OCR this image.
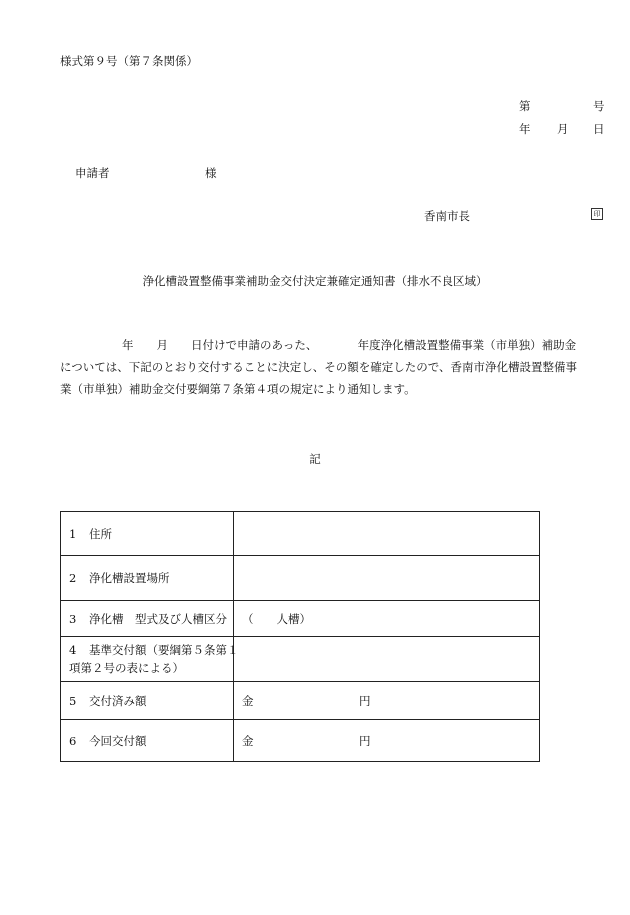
様式第９号（第７条関係）
第	号
年 月 日
申請者	様
香南市長	印
浄化槽設置整備事業補助金交付決定兼確定通知書（排水不良区域）
年　　月　　日付けで申請のあった、　　　　年度浄化槽設置整備事業（市単独）補助金
については、下記のとおり交付することに決定し、その額を確定したので、香南市浄化槽設置整備事
業（市単独）補助金交付要綱第７条第４項の規定により通知します。
記
1 住所	
2 浄化槽設置場所	
3 浄化槽　型式及び人槽区分	（　　人槽）

4 基準交付額（要綱第５条第１
項第２号の表による）	

5 交付済み額	金 円

6 今回交付額	金 円
